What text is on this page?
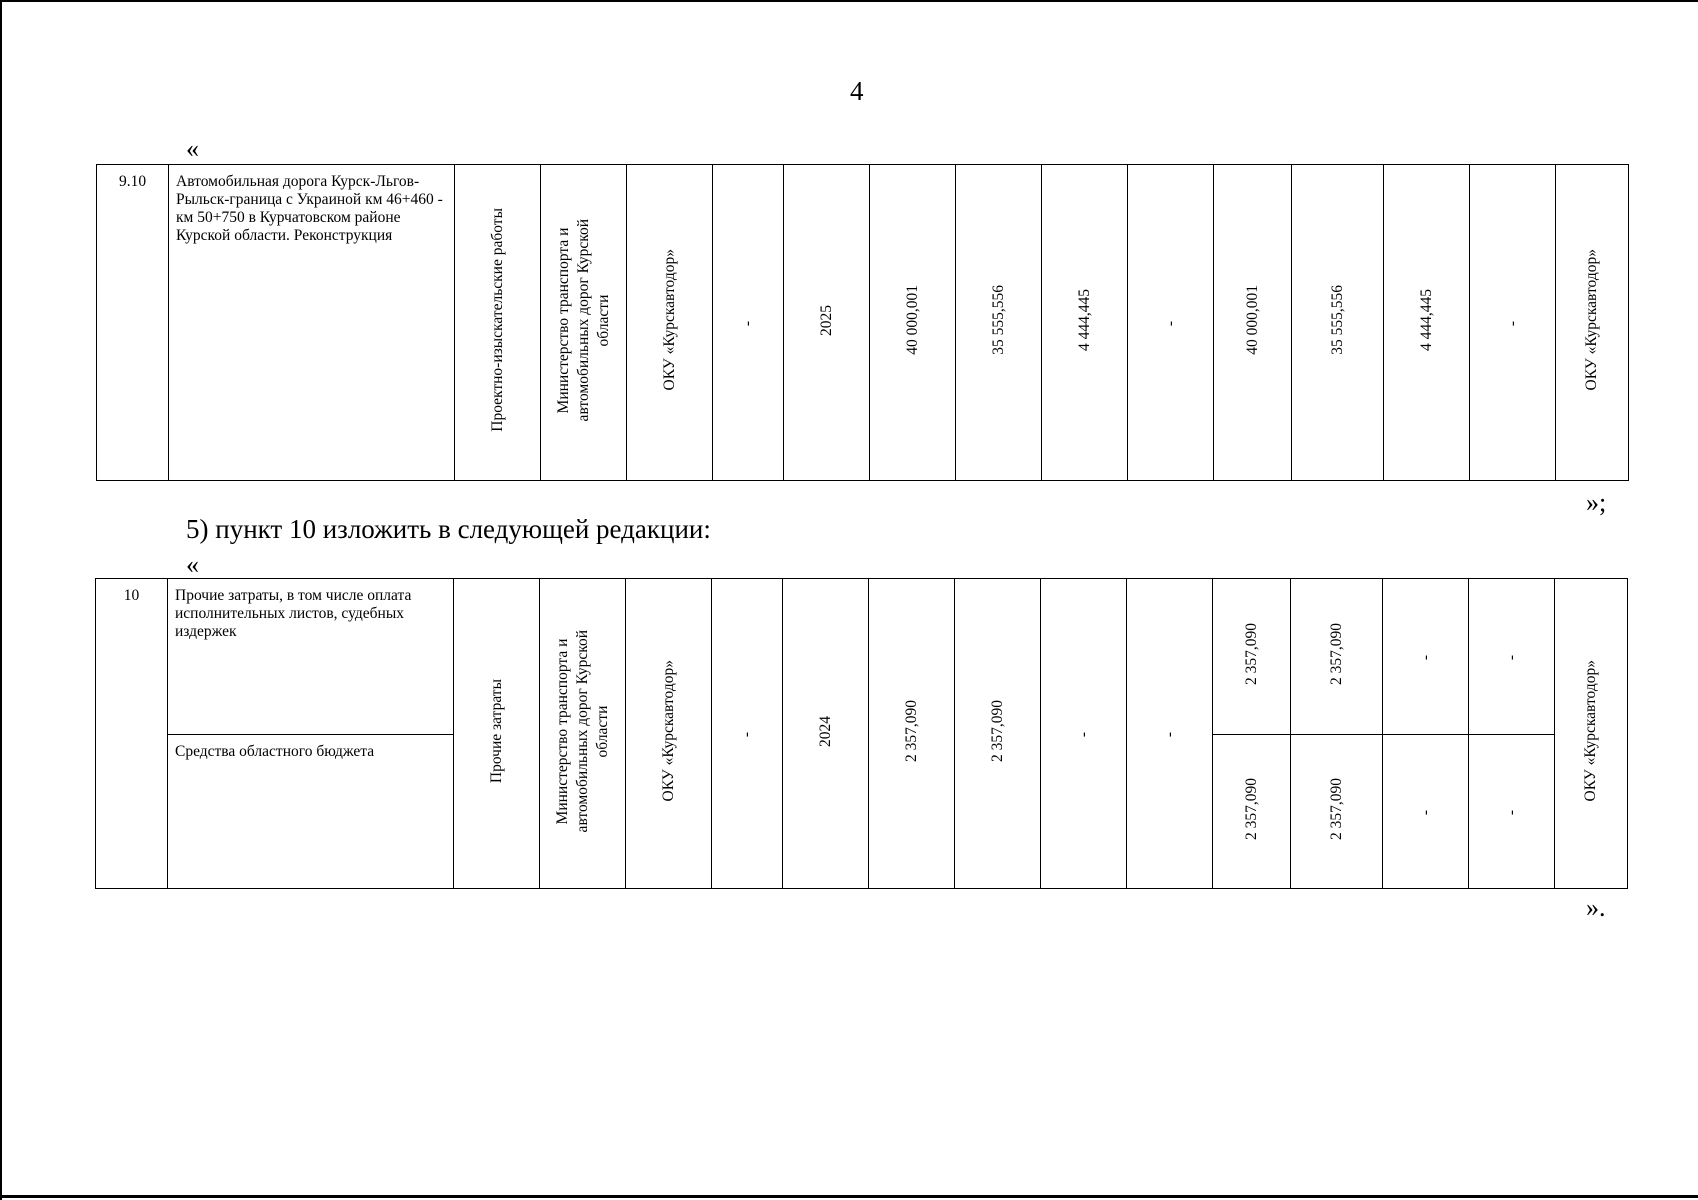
4
«
9.10	Автомобильная дорога Курск-Льгов-Рыльск-граница с Украиной км 46+460 - км 50+750 в Курчатовском районе Курской области. Реконструкция	Проектно-изыскательские работы	Министерство транспорта и автомобильных дорог Курской области	ОКУ «Курскавтодор»	-	2025	40 000,001	35 555,556	4 444,445	-	40 000,001	35 555,556	4 444,445	-	ОКУ «Курскавтодор»
»;
5) пункт 10 изложить в следующей редакции:
«
10	Прочие затраты, в том числе оплата исполнительных листов, судебных издержек	Прочие затраты	Министерство транспорта и автомобильных дорог Курской области	ОКУ «Курскавтодор»	-	2024	2 357,090	2 357,090	-	-	2 357,090	2 357,090	-	-	ОКУ «Курскавтодор»
	Средства областного бюджета										2 357,090	2 357,090	-	-	
».
